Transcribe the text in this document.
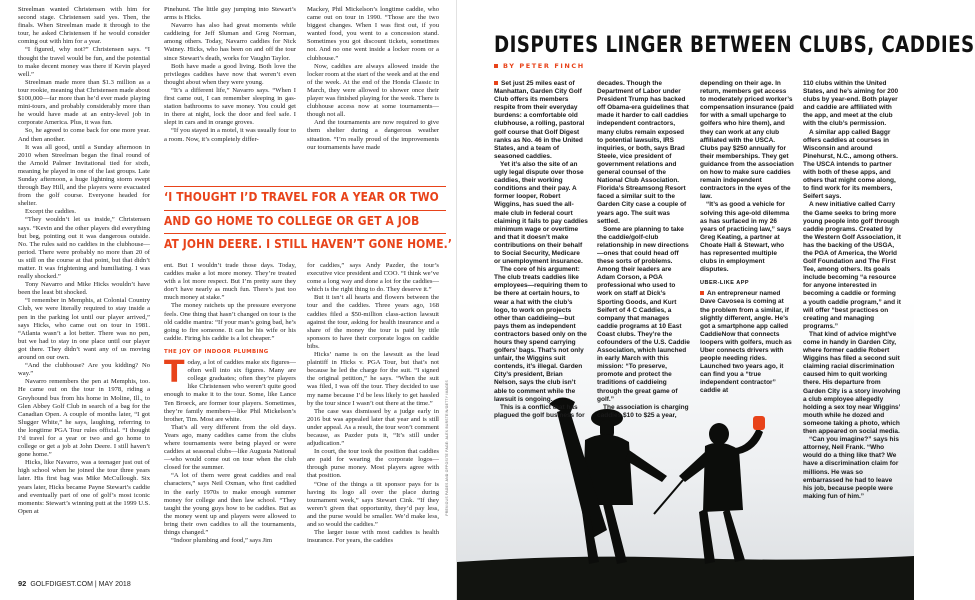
Streelman wanted Christensen with him for second stage. Christensen said yes. Then, the finals. When Streelman made it through to the tour, he asked Christensen if he would consider coming out with him for a year.

“I figured, why not?” Christensen says. “I thought the travel would be fun, and the potential to make decent money was there if Kevin played well.”

Streelman made more than $1.3 million as a tour rookie, meaning that Christensen made about $100,000—far more than he’d ever made playing mini-tours, and probably considerably more than he would have made at an entry-level job in corporate America. Plus, it was fun.

So, he agreed to come back for one more year. And then another.

It was all good, until a Sunday afternoon in 2010 when Streelman began the final round of the Arnold Palmer Invitational tied for sixth, meaning he played in one of the last groups. Late Sunday afternoon, a huge lightning storm swept through Bay Hill, and the players were evacuated from the golf course. Everyone headed for shelter.

Except the caddies.

“They wouldn’t let us inside,” Christensen says. “Kevin and the other players did everything but beg, pointing out it was dangerous outside. No. The rules said no caddies in the clubhouse—period. There were probably no more than 20 of us still on the course at that point, but that didn’t matter. It was frightening and humiliating. I was really shocked.”

Tony Navarro and Mike Hicks wouldn’t have been the least bit shocked.

“I remember in Memphis, at Colonial Country Club, we were literally required to stay inside a pen in the parking lot until our player arrived,” says Hicks, who came out on tour in 1981. “Atlanta wasn’t a lot better. There was no pen, but we had to stay in one place until our player got there. They didn’t want any of us moving around on our own.

“And the clubhouse? Are you kidding? No way.”

Navarro remembers the pen at Memphis, too. He came out on the tour in 1978, riding a Greyhound bus from his home in Moline, Ill., to Glen Abbey Golf Club in search of a bag for the Canadian Open. A couple of months later, “I got Slugger White,” he says, laughing, referring to the longtime PGA Tour rules official. “I thought I’d travel for a year or two and go home to college or get a job at John Deere. I still haven’t gone home.”

Hicks, like Navarro, was a teenager just out of high school when he joined the tour three years later. His first bag was Mike McCullough. Six years later, Hicks became Payne Stewart’s caddie and eventually part of one of golf’s most iconic moments: Stewart’s winning putt at the 1999 U.S. Open at

Pinehurst. The little guy jumping into Stewart’s arms is Hicks.

Navarro has also had great moments while caddieing for Jeff Sluman and Greg Norman, among others. Today, Navarro caddies for Nick Watney. Hicks, who has been on and off the tour since Stewart’s death, works for Vaughn Taylor.

Both have made a good living. Both love the privileges caddies have now that weren’t even thought about when they were young.

“It’s a different life,” Navarro says. “When I first came out, I can remember sleeping in gas-station bathrooms to save money. You could get in there at night, lock the door and feel safe. I slept in cars and in orange groves.

“If you stayed in a motel, it was usually four to a room. Now, it’s completely differ-

Mackey, Phil Mickelson’s longtime caddie, who came out on tour in 1990. “Those are the two biggest changes. When I was first out, if you wanted food, you went to a concession stand. Sometimes you got discount tickets, sometimes not. And no one went inside a locker room or a clubhouse.”

Now, caddies are always allowed inside the locker room at the start of the week and at the end of the week. At the end of the Honda Classic in March, they were allowed to shower once their player was finished playing for the week. There is clubhouse access now at some tournaments—though not all.

And the tournaments are now required to give them shelter during a dangerous weather situation. “I’m really proud of the improvements our tournaments have made

‘I THOUGHT I’D TRAVEL FOR A YEAR OR TWO
AND GO HOME TO COLLEGE OR GET A JOB
AT JOHN DEERE. I STILL HAVEN’T GONE HOME.’

ent. But I wouldn’t trade those days. Today, caddies make a lot more money. They’re treated with a lot more respect. But I’m pretty sure they don’t have nearly as much fun. There’s just too much money at stake.”

The money ratchets up the pressure everyone feels. One thing that hasn’t changed on tour is the old caddie mantra: “If your man’s going bad, he’s going to fire someone. It can be his wife or his caddie. Firing his caddie is a lot cheaper.”

THE JOY OF INDOOR PLUMBING

Today, a lot of caddies make six figures—often well into six figures. Many are college graduates; often they’re players like Christensen who weren’t quite good enough to make it to the tour. Some, like Lance Ten Broeck, are former tour players. Sometimes, they’re family members—like Phil Mickelson’s brother, Tim. Most are white.

That’s all very different from the old days. Years ago, many caddies came from the clubs where tournaments were being played or were caddies at seasonal clubs—like Augusta National—who would come out on tour when the club closed for the summer.

“A lot of them were great caddies and real characters,” says Neil Oxman, who first caddied in the early 1970s to make enough summer money for college and then law school. “They taught the young guys how to be caddies. But as the money went up and players were allowed to bring their own caddies to all the tournaments, things changed.”

“Indoor plumbing and food,” says Jim

for caddies,” says Andy Pazder, the tour’s executive vice president and COO. “I think we’ve come a long way and done a lot for the caddies—which is the right thing to do. They deserve it.”

But it isn’t all hearts and flowers between the tour and the caddies. Three years ago, 168 caddies filed a $50-million class-action lawsuit against the tour, asking for health insurance and a share of the money the tour is paid by title sponsors to have their corporate logos on caddie bibs.

Hicks’ name is on the lawsuit as the lead plaintiff in Hicks v. PGA Tour, but that’s not because he led the charge for the suit. “I signed the original petition,” he says. “When the suit was filed, I was off the tour. They decided to use my name because I’d be less likely to get hassled by the tour since I wasn’t out there at the time.”

The case was dismissed by a judge early in 2016 but was appealed later that year and is still under appeal. As a result, the tour won’t comment because, as Pazder puts it, “It’s still under adjudication.”

In court, the tour took the position that caddies are paid for wearing the corporate logos—through purse money. Most players agree with that position.

“One of the things a tit sponsor pays for is having its logo all over the place during tournament week,” says Stewart Cink. “If they weren’t given that opportunity, they’d pay less, and the purse would be smaller. We’d make less, and so would the caddies.”

The larger issue with most caddies is health insurance. For years, the caddies

PREVIOUS PAGES AND OPPOSITE PAGE: ALEX BURSTEIN/GETTY IMAGES
92 GOLFDIGEST.COM | MAY 2018
DISPUTES LINGER BETWEEN CLUBS, CADDIES
BY PETER FINCH

Set just 25 miles east of Manhattan, Garden City Golf Club offers its members respite from their everyday burdens: a comfortable old clubhouse, a rolling, pastoral golf course that Golf Digest ranks as No. 46 in the United States, and a team of seasoned caddies.

Yet it’s also the site of an ugly legal dispute over those caddies, their working conditions and their pay. A former looper, Robert Wiggins, has sued the all-male club in federal court claiming it fails to pay caddies minimum wage or overtime and that it doesn’t make contributions on their behalf to Social Security, Medicare or unemployment insurance.

The core of his argument: The club treats caddies like employees—requiring them to be there at certain hours, to wear a hat with the club’s logo, to work on projects other than caddieing—but pays them as independent contractors based only on the hours they spend carrying golfers’ bags. That’s not only unfair, the Wiggins suit contends, it’s illegal. Garden City’s president, Brian Nelson, says the club isn’t able to comment while the lawsuit is ongoing.

This is a conflict that has plagued the golf business for

decades. Though the Department of Labor under President Trump has backed off Obama-era guidelines that made it harder to call caddies independent contractors, many clubs remain exposed to potential lawsuits, IRS inquiries, or both, says Brad Steele, vice president of government relations and general counsel of the National Club Association. Florida’s Streamsong Resort faced a similar suit to the Garden City case a couple of years ago. The suit was settled.

Some are planning to take the caddie/golf-club relationship in new directions—ones that could head off these sorts of problems. Among their leaders are Adam Corson, a PGA professional who used to work on staff at Dick’s Sporting Goods, and Kurt Seifert of 4 C Caddies, a company that manages caddie programs at 10 East Coast clubs. They’re the cofounders of the U.S. Caddie Association, which launched in early March with this mission: “To preserve, promote and protect the traditions of caddieing through the great game of golf.”

The association is charging caddies $10 to $25 a year,

depending on their age. In return, members get access to moderately priced worker’s compensation insurance (paid for with a small upcharge to golfers who hire them), and they can work at any club affiliated with the USCA. Clubs pay $250 annually for their memberships. They get guidance from the association on how to make sure caddies remain independent contractors in the eyes of the law.

“It’s as good a vehicle for solving this age-old dilemma as has surfaced in my 26 years of practicing law,” says Greg Keating, a partner at Choate Hall & Stewart, who has represented multiple clubs in employment disputes.

UBER-LIKE APP

An entrepreneur named Dave Cavosea is coming at the problem from a similar, if slightly different, angle. He’s got a smartphone app called CaddieNow that connects loopers with golfers, much as Uber connects drivers with people needing rides. Launched two years ago, it can find you a “true independent contractor” caddie at

110 clubs within the United States, and he’s aiming for 200 clubs by year-end. Both player and caddie are affiliated with the app, and meet at the club with the club’s permission.

A similar app called Baggr offers caddies at courses in Wisconsin and around Pinehurst, N.C., among others. The USCA intends to partner with both of these apps, and others that might come along, to find work for its members, Seifert says.

A new initiative called Carry the Game seeks to bring more young people into golf through caddie programs. Created by the Western Golf Association, it has the backing of the USGA, the PGA of America, the World Golf Foundation and The First Tee, among others. Its goals include becoming “a resource for anyone interested in becoming a caddie or forming a youth caddie program,” and it will offer “best practices on creating and managing programs.”

That kind of advice might’ve come in handy in Garden City, where former caddie Robert Wiggins has filed a second suit claiming racial discrimination caused him to quit working there. His departure from Garden City is a story involving a club employee allegedly holding a sex toy near Wiggins’ mouth while he dozed and someone taking a photo, which then appeared on social media.

“Can you imagine?” says his attorney, Neil Frank. “Who would do a thing like that? We have a discrimination claim for millions. He was so embarrassed he had to leave his job, because people were making fun of him.”
